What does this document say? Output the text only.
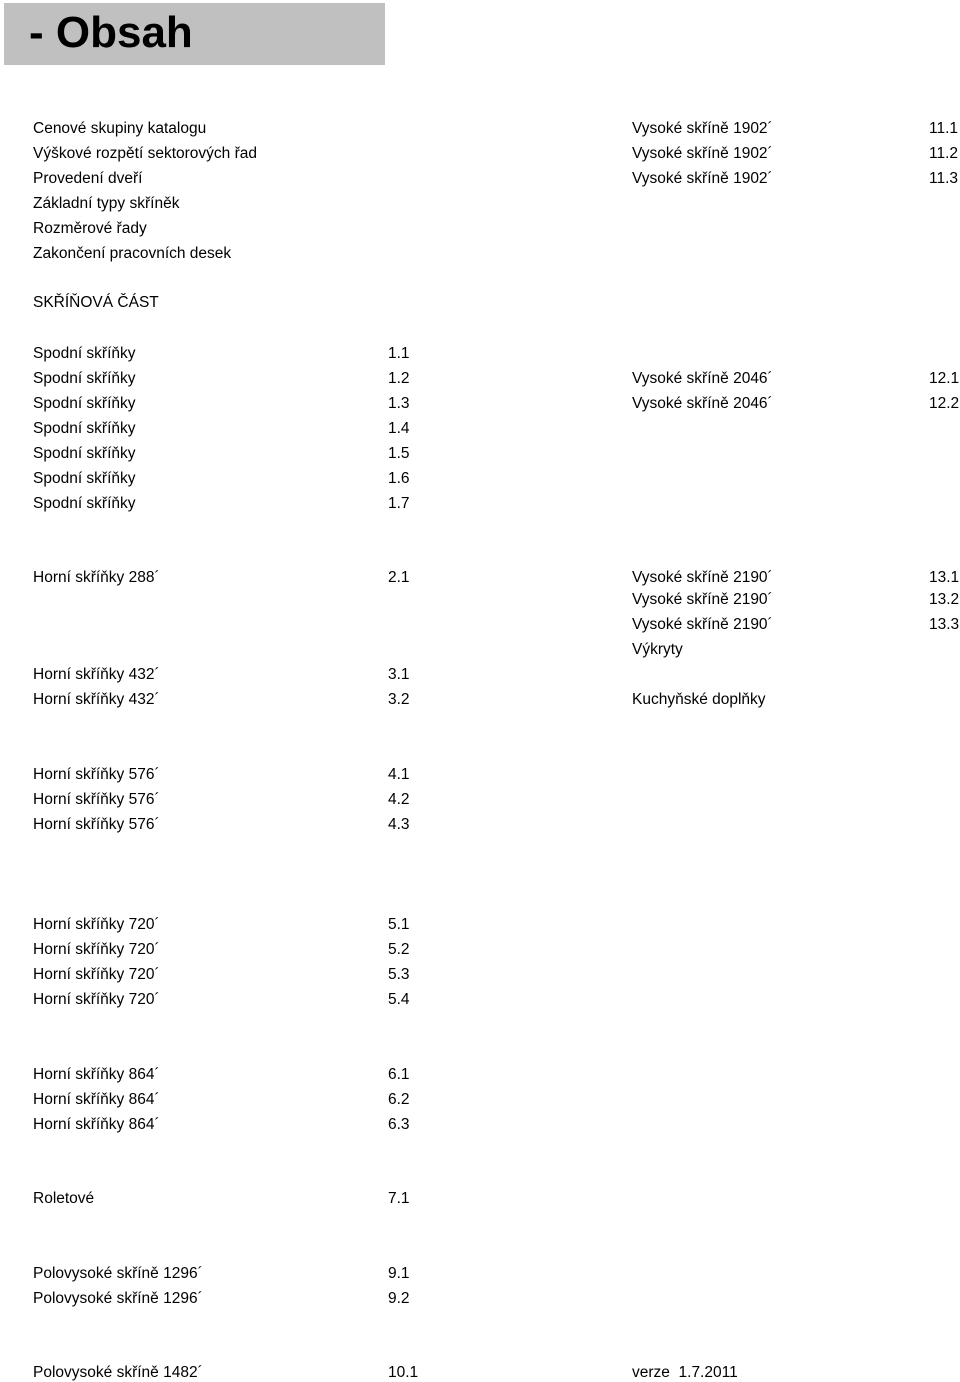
- Obsah
Vysoké skříně 1902´	11.1
Vysoké skříně 1902´	11.2
Vysoké skříně 1902´	11.3
Cenové skupiny katalogu
Výškové rozpětí sektorových řad
Provedení dveří
Základní typy skříněk
Rozměrové řady
Zakončení pracovních desek
SKŘÍŇOVÁ ČÁST
Spodní skříňky	1.1
Spodní skříňky	1.2
Spodní skříňky	1.3
Spodní skříňky	1.4
Spodní skříňky	1.5
Spodní skříňky	1.6
Spodní skříňky	1.7
Vysoké skříně 2046´	12.1
Vysoké skříně 2046´	12.2
Horní skříňky 288´	2.1	Vysoké skříně 2190´	13.1
Vysoké skříně 2190´	13.2
Vysoké skříně 2190´	13.3
Výkryty
Horní skříňky 432´	3.1
Horní skříňky 432´	3.2	Kuchyňské doplňky
Horní skříňky 576´	4.1
Horní skříňky 576´	4.2
Horní skříňky 576´	4.3
Horní skříňky 720´	5.1
Horní skříňky 720´	5.2
Horní skříňky 720´	5.3
Horní skříňky 720´	5.4
Horní skříňky 864´	6.1
Horní skříňky 864´	6.2
Horní skříňky 864´	6.3
Roletové	7.1
Polovysoké skříně 1296´	9.1
Polovysoké skříně 1296´	9.2
Polovysoké skříně 1482´	10.1	verze  1.7.2011
